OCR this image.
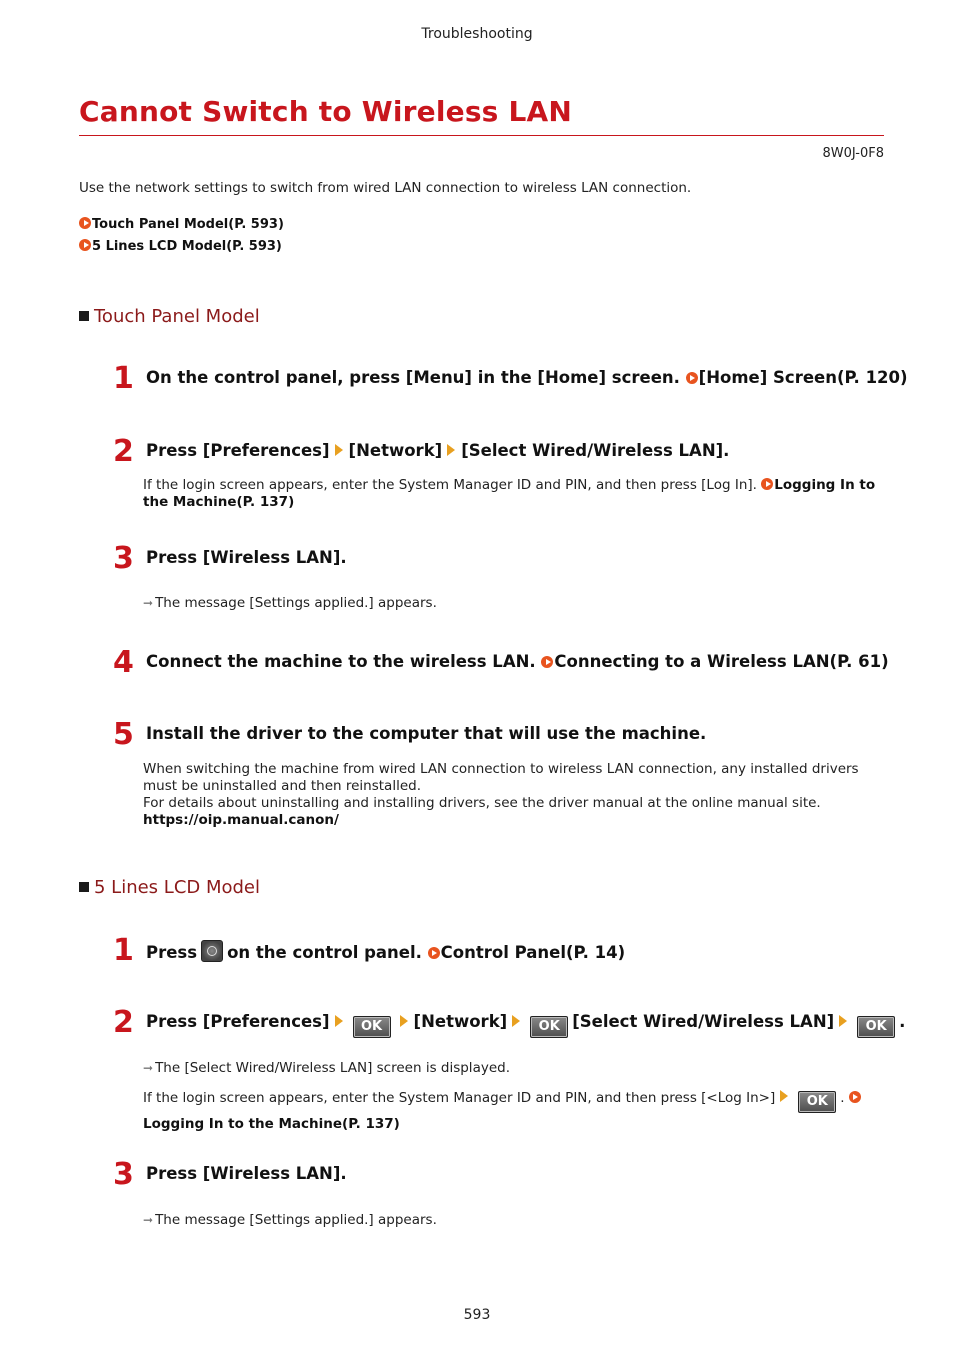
Troubleshooting
Cannot Switch to Wireless LAN
8W0J-0F8
Use the network settings to switch from wired LAN connection to wireless LAN connection.
Touch Panel Model(P. 593)
5 Lines LCD Model(P. 593)
Touch Panel Model
1 On the control panel, press [Menu] in the [Home] screen. [Home] Screen(P. 120)
2 Press [Preferences] [Network] [Select Wired/Wireless LAN].
If the login screen appears, enter the System Manager ID and PIN, and then press [Log In]. Logging In to
the Machine(P. 137)
3 Press [Wireless LAN].
➞ The message [Settings applied.] appears.
4 Connect the machine to the wireless LAN. Connecting to a Wireless LAN(P. 61)
5 Install the driver to the computer that will use the machine.
When switching the machine from wired LAN connection to wireless LAN connection, any installed drivers
must be uninstalled and then reinstalled.
For details about uninstalling and installing drivers, see the driver manual at the online manual site.
https://oip.manual.canon/
5 Lines LCD Model
1 Press on the control panel. Control Panel(P. 14)
2 Press [Preferences] OK [Network] OK [Select Wired/Wireless LAN] OK .
➞ The [Select Wired/Wireless LAN] screen is displayed.
If the login screen appears, enter the System Manager ID and PIN, and then press [<Log In>] OK .
Logging In to the Machine(P. 137)
3 Press [Wireless LAN].
➞ The message [Settings applied.] appears.
593
